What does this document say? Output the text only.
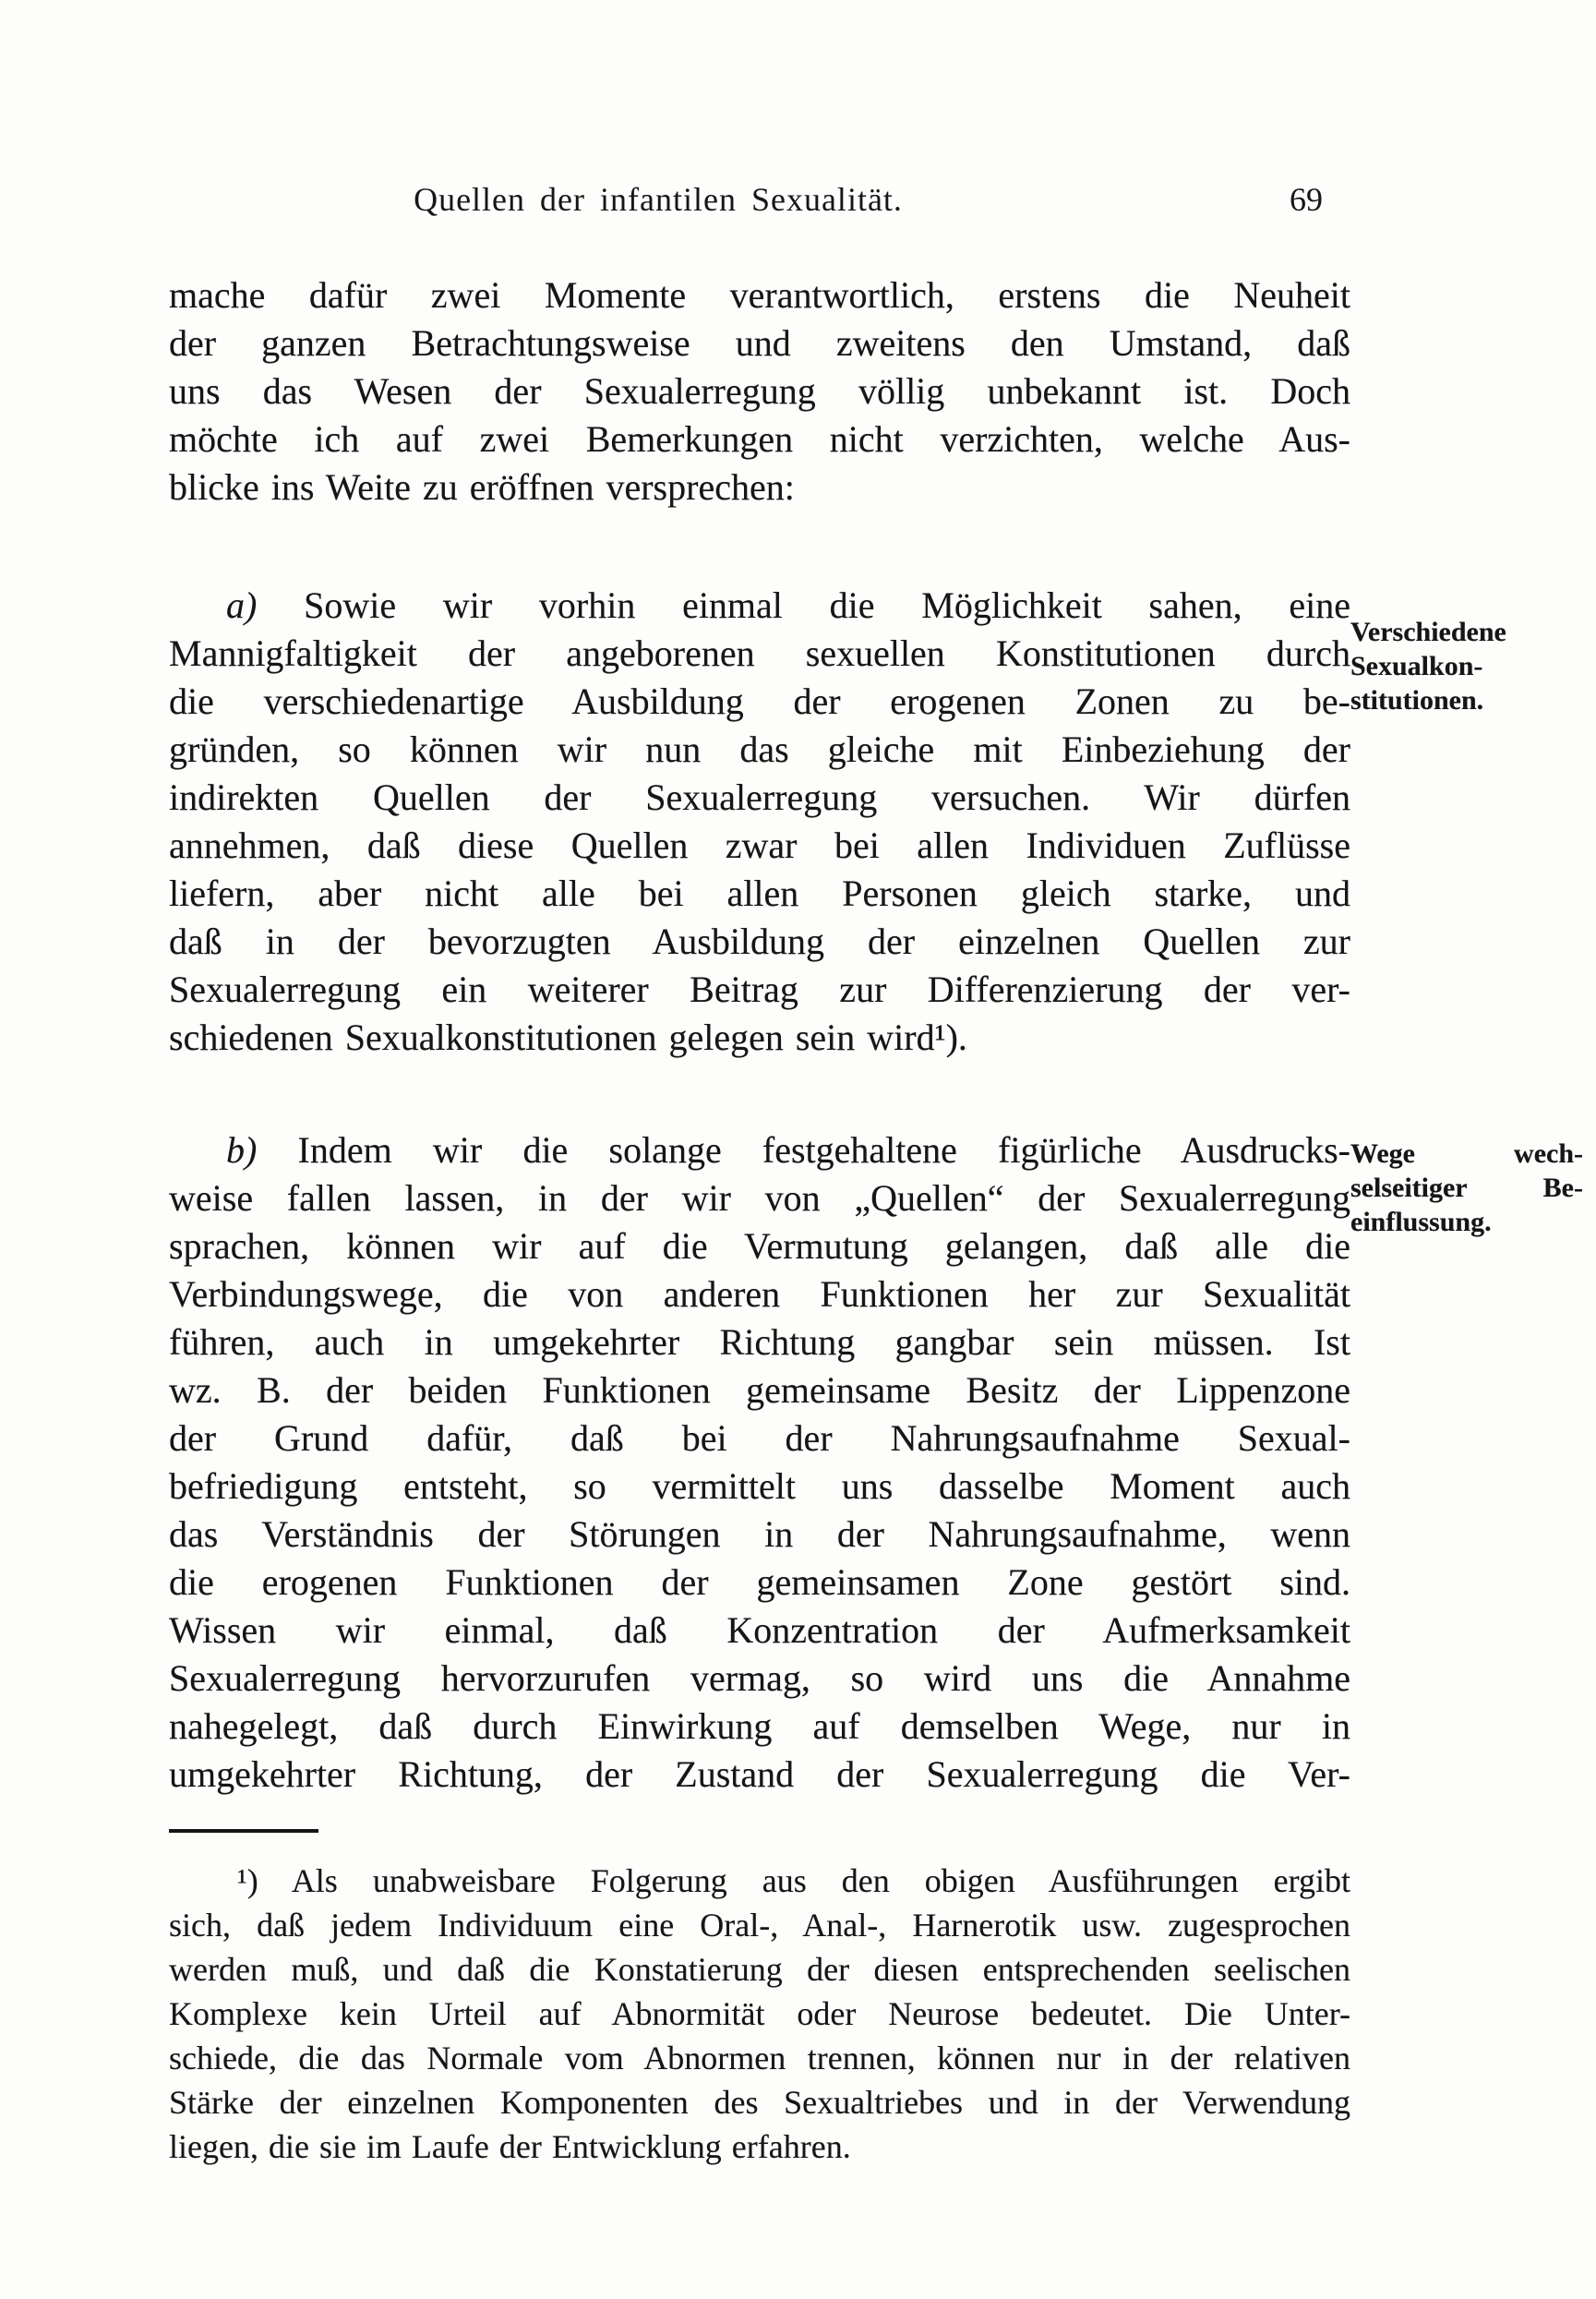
Quellen der infantilen Sexualität.	69
mache dafür zwei Momente verantwortlich, erstens die Neuheit
der ganzen Betrachtungsweise und zweitens den Umstand, daß
uns das Wesen der Sexualerregung völlig unbekannt ist. Doch
möchte ich auf zwei Bemerkungen nicht verzichten, welche Aus-
blicke ins Weite zu eröffnen versprechen:
a) Sowie wir vorhin einmal die Möglichkeit sahen, eine
Mannigfaltigkeit der angeborenen sexuellen Konstitutionen durch
die verschiedenartige Ausbildung der erogenen Zonen zu be-
gründen, so können wir nun das gleiche mit Einbeziehung der
indirekten Quellen der Sexualerregung versuchen. Wir dürfen
annehmen, daß diese Quellen zwar bei allen Individuen Zuflüsse
liefern, aber nicht alle bei allen Personen gleich starke, und
daß in der bevorzugten Ausbildung der einzelnen Quellen zur
Sexualerregung ein weiterer Beitrag zur Differenzierung der ver-
schiedenen Sexualkonstitutionen gelegen sein wird¹).
b) Indem wir die solange festgehaltene figürliche Ausdrucks-
weise fallen lassen, in der wir von „Quellen“ der Sexualerregung
sprachen, können wir auf die Vermutung gelangen, daß alle die
Verbindungswege, die von anderen Funktionen her zur Sexualität
führen, auch in umgekehrter Richtung gangbar sein müssen. Ist
wz. B. der beiden Funktionen gemeinsame Besitz der Lippenzone
der Grund dafür, daß bei der Nahrungsaufnahme Sexual-
befriedigung entsteht, so vermittelt uns dasselbe Moment auch
das Verständnis der Störungen in der Nahrungsaufnahme, wenn
die erogenen Funktionen der gemeinsamen Zone gestört sind.
Wissen wir einmal, daß Konzentration der Aufmerksamkeit
Sexualerregung hervorzurufen vermag, so wird uns die Annahme
nahegelegt, daß durch Einwirkung auf demselben Wege, nur in
umgekehrter Richtung, der Zustand der Sexualerregung die Ver-
Verschiedene
Sexualkon-
stitutionen.
Wege wech-
selseitiger Be-
einflussung.
¹) Als unabweisbare Folgerung aus den obigen Ausführungen ergibt
sich, daß jedem Individuum eine Oral-, Anal-, Harnerotik usw. zugesprochen
werden muß, und daß die Konstatierung der diesen entsprechenden seelischen
Komplexe kein Urteil auf Abnormität oder Neurose bedeutet. Die Unter-
schiede, die das Normale vom Abnormen trennen, können nur in der relativen
Stärke der einzelnen Komponenten des Sexualtriebes und in der Verwendung
liegen, die sie im Laufe der Entwicklung erfahren.
